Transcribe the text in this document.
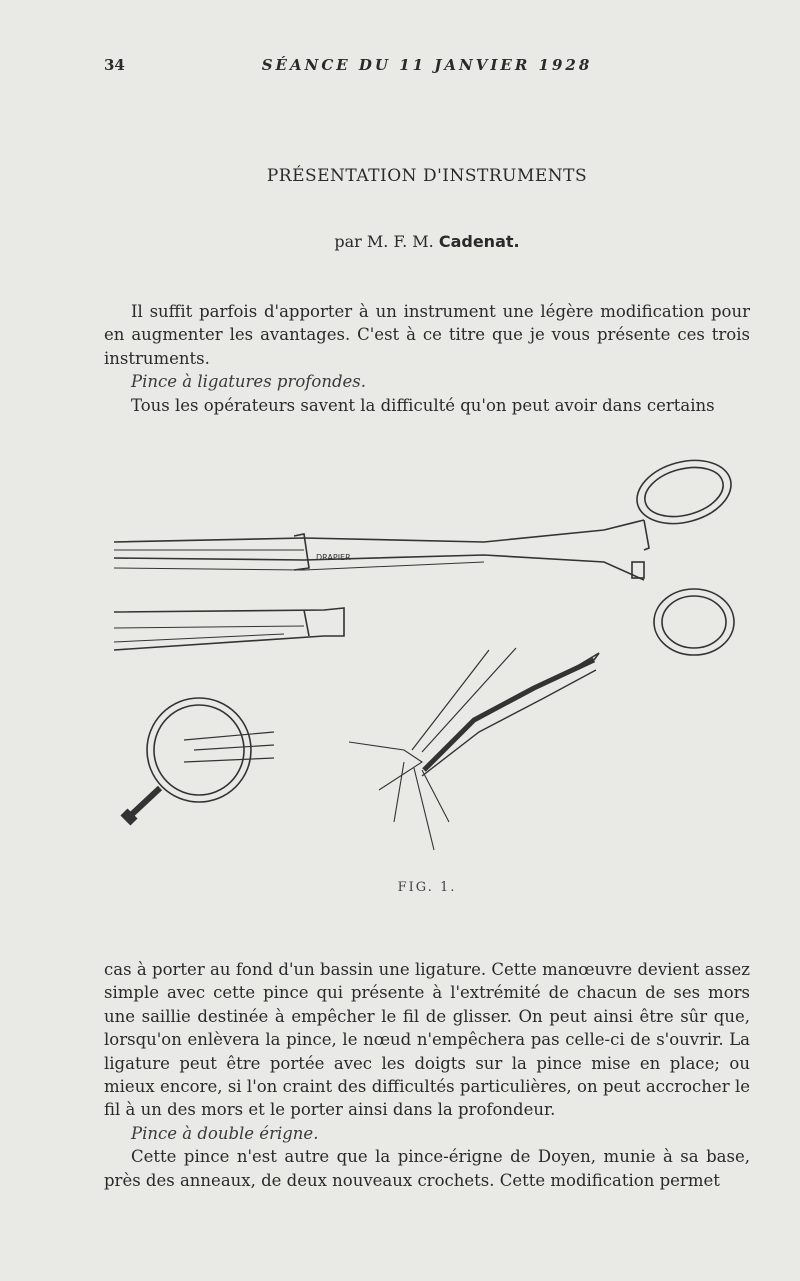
34	SÉANCE DU 11 JANVIER 1928
PRÉSENTATION D'INSTRUMENTS
par M. F. M. Cadenat.

Il suffit parfois d'apporter à un instrument une légère modification pour en augmenter les avantages. C'est à ce titre que je vous présente ces trois instruments.

Pince à ligatures profondes.

Tous les opérateurs savent la difficulté qu'on peut avoir dans certains

DRAPIER
FIG. 1.

cas à porter au fond d'un bassin une ligature. Cette manœuvre devient assez simple avec cette pince qui présente à l'extrémité de chacun de ses mors une saillie destinée à empêcher le fil de glisser. On peut ainsi être sûr que, lorsqu'on enlèvera la pince, le nœud n'empêchera pas celle-ci de s'ouvrir. La ligature peut être portée avec les doigts sur la pince mise en place; ou mieux encore, si l'on craint des difficultés particulières, on peut accrocher le fil à un des mors et le porter ainsi dans la profondeur.

Pince à double érigne.

Cette pince n'est autre que la pince-érigne de Doyen, munie à sa base, près des anneaux, de deux nouveaux crochets. Cette modification permet
